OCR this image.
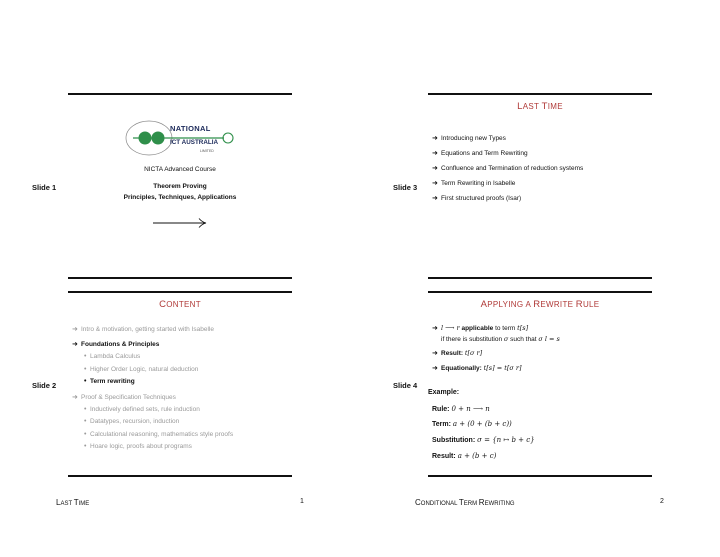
Slide 1
NATIONAL
ICT AUSTRALIA
LIMITED
NICTA Advanced Course
Theorem Proving
Principles, Techniques, Applications
Slide 3
LAST TIME
➜ Introducing new Types
➜ Equations and Term Rewriting
➜ Confluence and Termination of reduction systems
➜ Term Rewriting in Isabelle
➜ First structured proofs (Isar)
Slide 2
CONTENT
➜ Intro & motivation, getting started with Isabelle
➜ Foundations & Principles
• Lambda Calculus
• Higher Order Logic, natural deduction
• Term rewriting
➜ Proof & Specification Techniques
• Inductively defined sets, rule induction
• Datatypes, recursion, induction
• Calculational reasoning, mathematics style proofs
• Hoare logic, proofs about programs
Slide 4
APPLYING A REWRITE RULE
➜ l ⟶ r applicable to term t[s]
if there is substitution σ such that σ l = s
➜ Result: t[σ r]
➜ Equationally: t[s] = t[σ r]
Example:
Rule: 0 + n ⟶ n
Term: a + (0 + (b + c))
Substitution: σ = {n ↦ b + c}
Result: a + (b + c)
LAST TIME	1	CONDITIONAL TERM REWRITING	2
